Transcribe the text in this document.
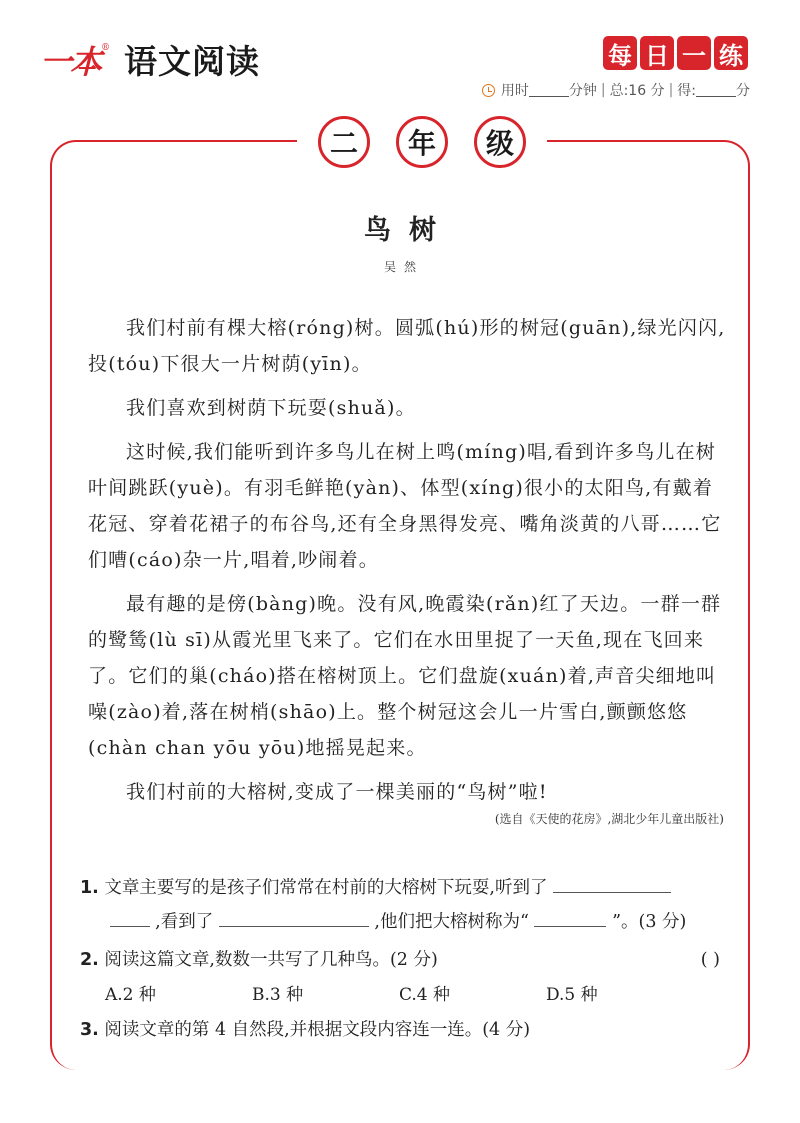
一本 ® 语文阅读	每 日 一 练
用时	分钟 | 总:16 分 | 得:	分
二	年	级
鸟树
吴然

我们村前有棵大榕(róng)树。圆弧(hú)形的树冠(guān),绿光闪闪,投(tóu)下很大一片树荫(yīn)。

我们喜欢到树荫下玩耍(shuǎ)。

这时候,我们能听到许多鸟儿在树上鸣(míng)唱,看到许多鸟儿在树叶间跳跃(yuè)。有羽毛鲜艳(yàn)、体型(xíng)很小的太阳鸟,有戴着花冠、穿着花裙子的布谷鸟,还有全身黑得发亮、嘴角淡黄的八哥……它们嘈(cáo)杂一片,唱着,吵闹着。

最有趣的是傍(bàng)晚。没有风,晚霞染(rǎn)红了天边。一群一群的鹭鸶(lù sī)从霞光里飞来了。它们在水田里捉了一天鱼,现在飞回来了。它们的巢(cháo)搭在榕树顶上。它们盘旋(xuán)着,声音尖细地叫噪(zào)着,落在树梢(shāo)上。整个树冠这会儿一片雪白,颤颤悠悠(chàn chan yōu yōu)地摇晃起来。

我们村前的大榕树,变成了一棵美丽的“鸟树”啦!

(选自《天使的花房》,湖北少年儿童出版社)
1. 文章主要写的是孩子们常常在村前的大榕树下玩耍,听到了
,看到了	,他们把大榕树称为“	”。(3 分)
2. 阅读这篇文章,数数一共写了几种鸟。(2 分)	( )
A.2 种	B.3 种	C.4 种	D.5 种
3. 阅读文章的第 4 自然段,并根据文段内容连一连。(4 分)
